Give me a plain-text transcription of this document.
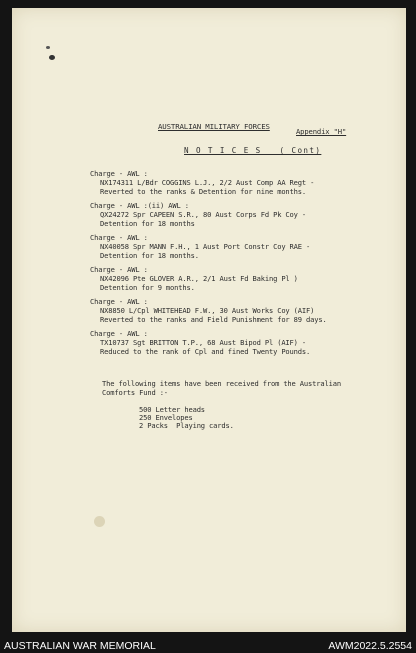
AUSTRALIAN MILITARY FORCES
Appendix "H"
N O T I C E S   ( Cont)
Charge - AWL :
NX174311 L/Bdr COGGINS L.J., 2/2 Aust Comp AA Regt -
Reverted to the ranks & Detention for nine months.
Charge - AWL :(ii) AWL :
QX24272 Spr CAPEEN S.R., 80 Aust Corps Fd Pk Coy -
Detention for 18 months
Charge - AWL :
NX40058 Spr MANN F.H., 1 Aust Port Constr Coy RAE -
Detention for 18 months.
Charge - AWL :
NX42096 Pte GLOVER A.R., 2/1 Aust Fd Baking Pl )
Detention for 9 months.
Charge - AWL :
NX8850 L/Cpl WHITEHEAD F.W., 30 Aust Works Coy (AIF)
Reverted to the ranks and Field Punishment for 89 days.
Charge - AWL :
TX10737 Sgt BRITTON T.P., 68 Aust Bipod Pl (AIF) -
Reduced to the rank of Cpl and fined Twenty Pounds.
The following items have been received from the Australian
Comforts Fund :-
500 Letter heads
250 Envelopes
2 Packs  Playing cards.
AUSTRALIAN WAR MEMORIAL	AWM2022.5.2554
